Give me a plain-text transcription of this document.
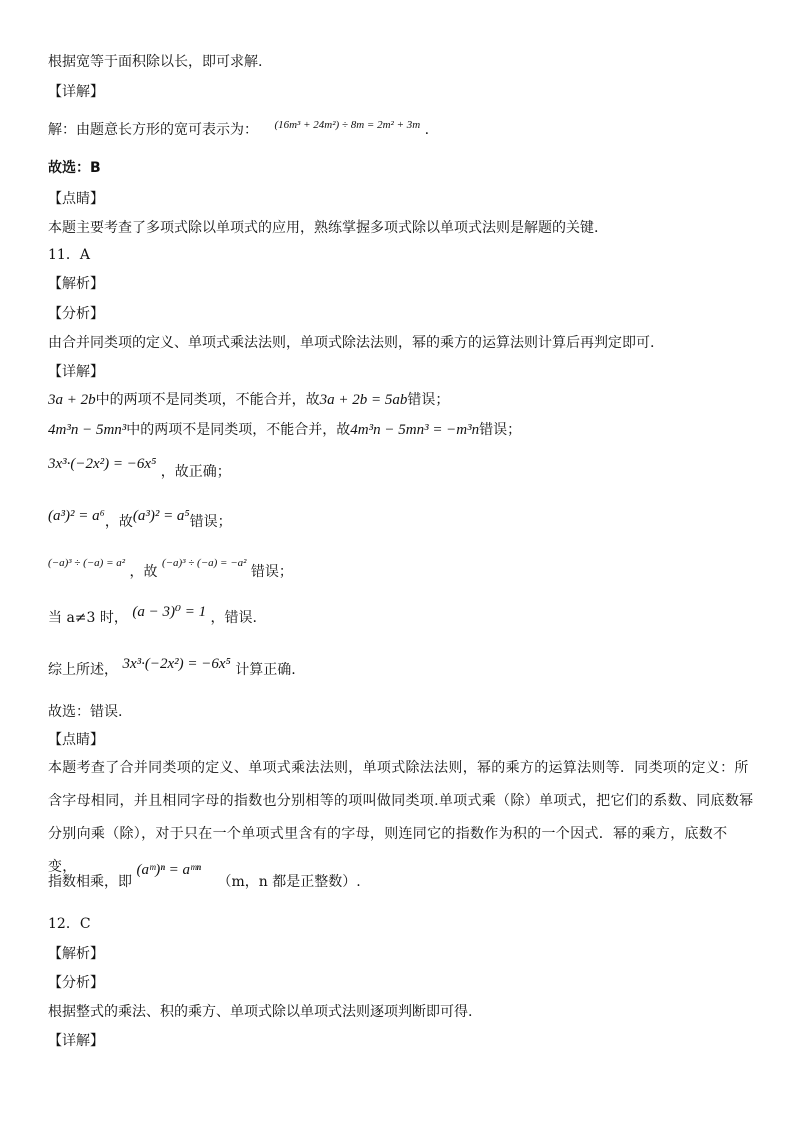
根据宽等于面积除以长，即可求解.
【详解】
解：由题意长方形的宽可表示为： $^{(16m^3 + 24m^2) \div 8m = 2m^2 + 3m}$ .
故选：B
【点睛】
本题主要考查了多项式除以单项式的应用，熟练掌握多项式除以单项式法则是解题的关键.
11．A
【解析】
【分析】
由合并同类项的定义、单项式乘法法则，单项式除法法则，幂的乘方的运算法则计算后再判定即可.
【详解】
3a + 2b中的两项不是同类项，不能合并，故3a + 2b = 5ab错误；
4m³n − 5mn³中的两项不是同类项，不能合并，故4m³n − 5mn³ = −m³n错误；
3x³·(−2x²) = −6x⁵ ，故正确；
(a³)² = a⁶，故(a³)² = a⁵错误；
(−a)³ ÷ (−a) = a² ，故 (−a)³ ÷ (−a) = −a² 错误；
当 a≠3 时， (a − 3)⁰ = 1 ，错误.
综上所述， 3x³·(−2x²) = −6x⁵ 计算正确.
故选：错误.
【点睛】
本题考查了合并同类项的定义、单项式乘法法则，单项式除法法则，幂的乘方的运算法则等．同类项的定义：所含字母相同，并且相同字母的指数也分别相等的项叫做同类项.单项式乘（除）单项式，把它们的系数、同底数幂分别向乘（除），对于只在一个单项式里含有的字母，则连同它的指数作为积的一个因式．幂的乘方，底数不变，
指数相乘，即 (aᵐ)ⁿ = aᵐⁿ （m，n 都是正整数）.
12．C
【解析】
【分析】
根据整式的乘法、积的乘方、单项式除以单项式法则逐项判断即可得.
【详解】
